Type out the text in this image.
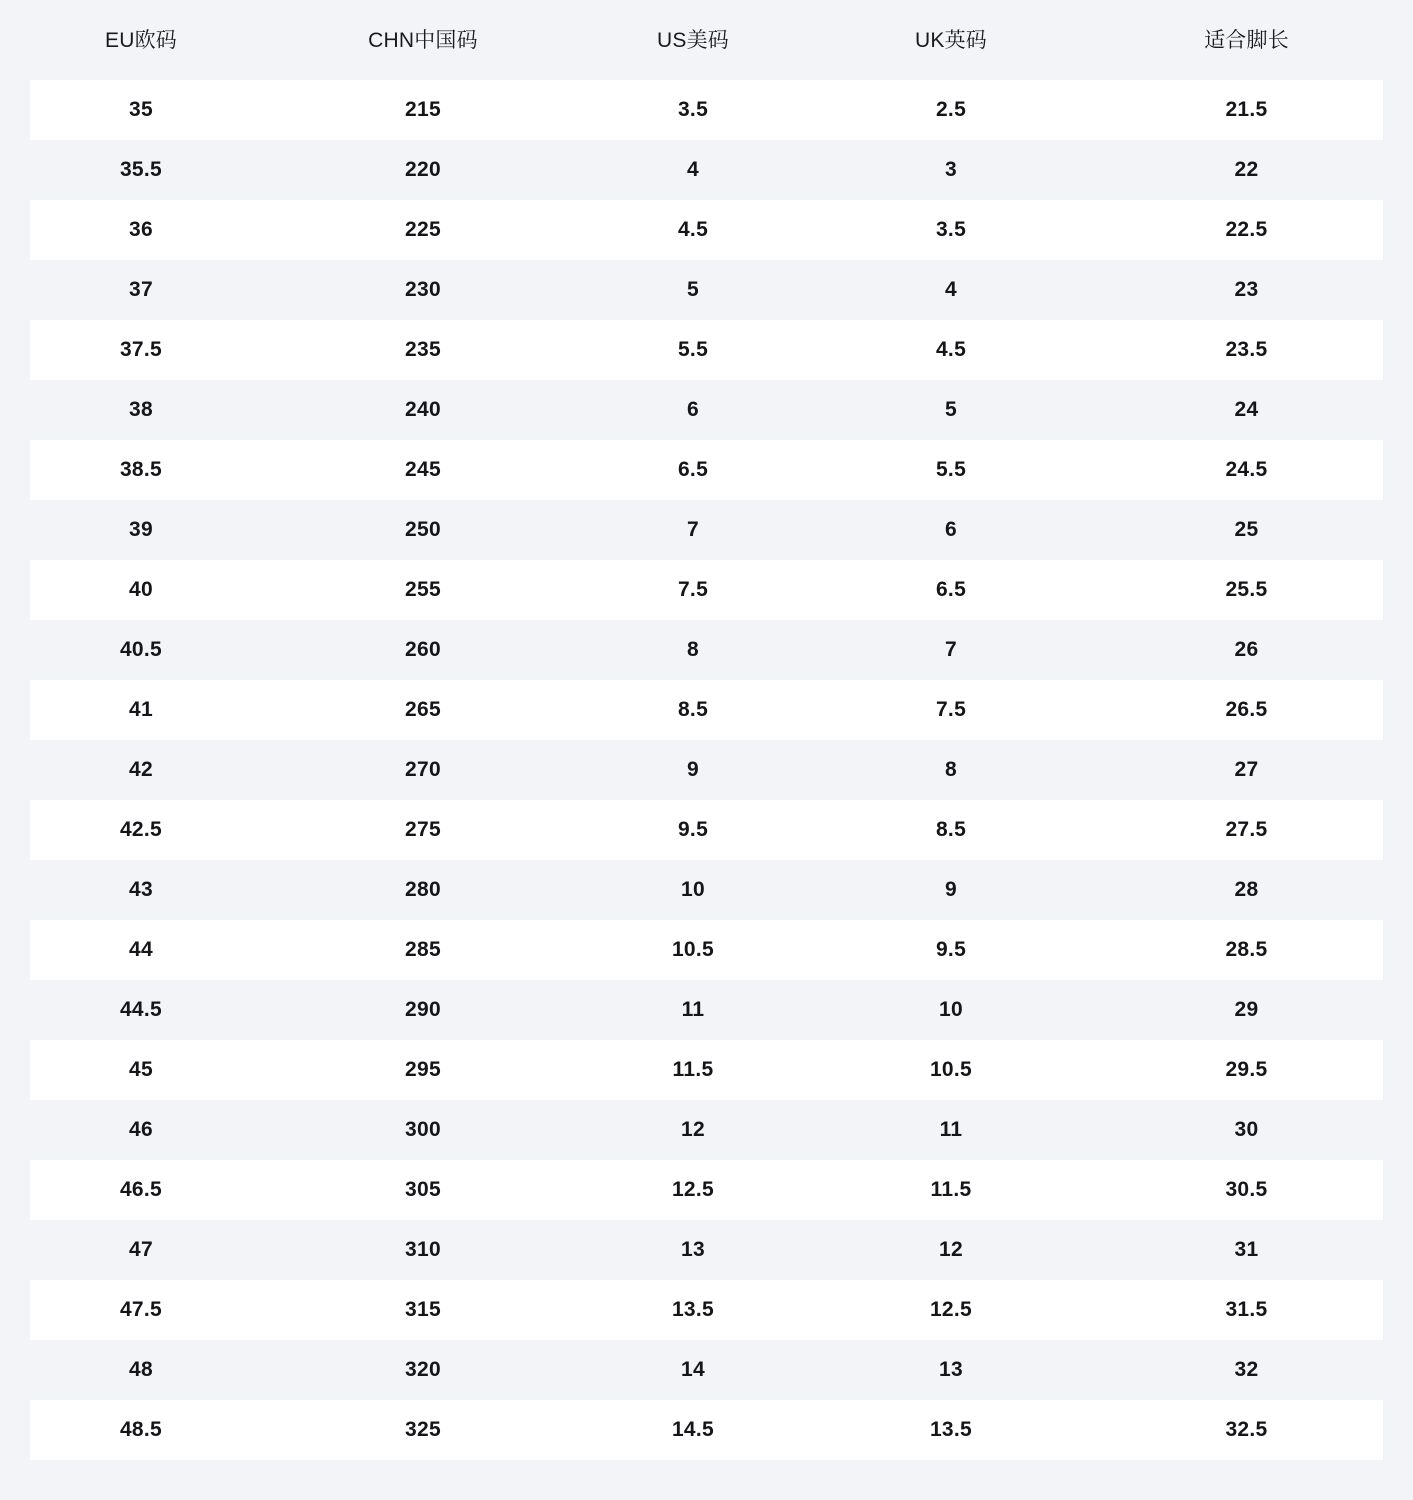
EU欧码	CHN中国码	US美码	UK英码	适合脚长
35	215	3.5	2.5	21.5
35.5	220	4	3	22
36	225	4.5	3.5	22.5
37	230	5	4	23
37.5	235	5.5	4.5	23.5
38	240	6	5	24
38.5	245	6.5	5.5	24.5
39	250	7	6	25
40	255	7.5	6.5	25.5
40.5	260	8	7	26
41	265	8.5	7.5	26.5
42	270	9	8	27
42.5	275	9.5	8.5	27.5
43	280	10	9	28
44	285	10.5	9.5	28.5
44.5	290	11	10	29
45	295	11.5	10.5	29.5
46	300	12	11	30
46.5	305	12.5	11.5	30.5
47	310	13	12	31
47.5	315	13.5	12.5	31.5
48	320	14	13	32
48.5	325	14.5	13.5	32.5
